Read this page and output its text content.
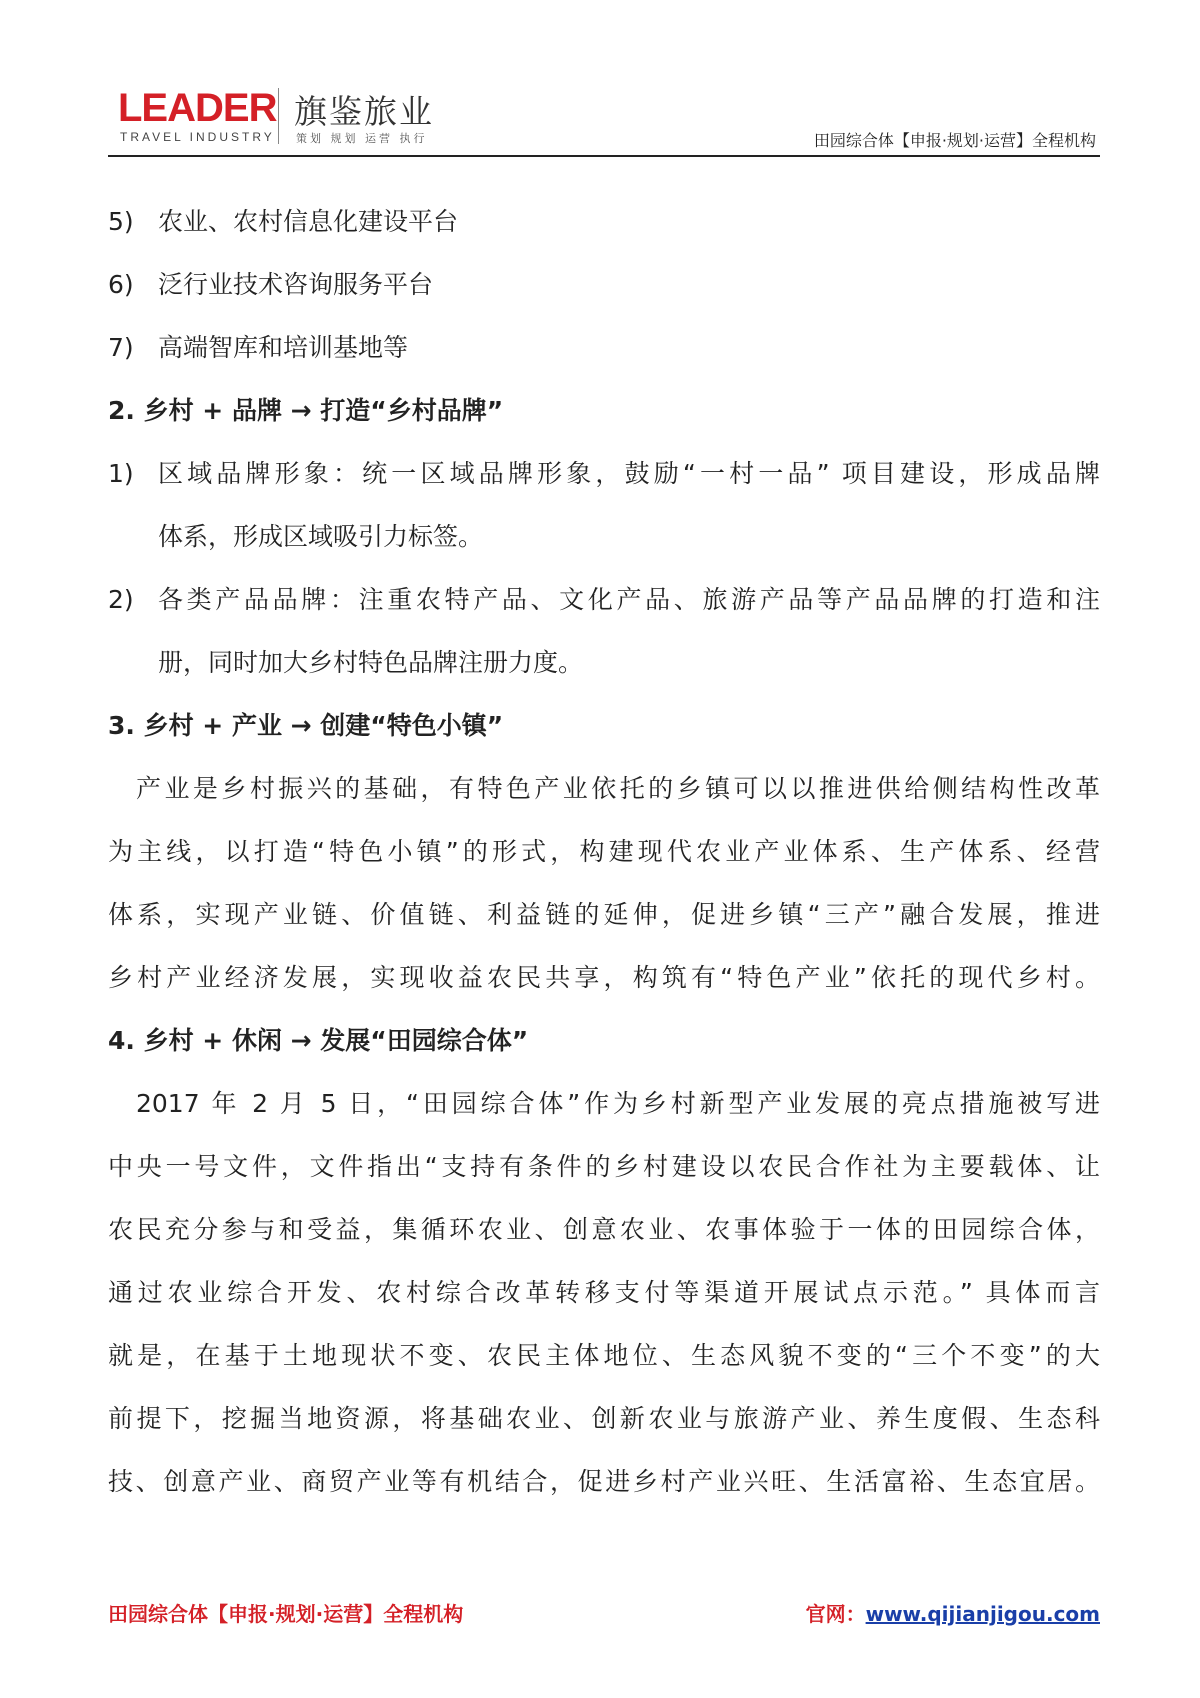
LEADER
TRAVEL INDUSTRY
旗鉴旅业
策划 规划 运营 执行	田园综合体【申报·规划·运营】全程机构
5) 农业、农村信息化建设平台
6) 泛行业技术咨询服务平台
7) 高端智库和培训基地等
2. 乡村 + 品牌 → 打造“乡村品牌”
1) 区域品牌形象：统一区域品牌形象，鼓励“一村一品” 项目建设，形成品牌
体系，形成区域吸引力标签。
2) 各类产品品牌：注重农特产品、文化产品、旅游产品等产品品牌的打造和注
册，同时加大乡村特色品牌注册力度。
3. 乡村 + 产业 → 创建“特色小镇”
产业是乡村振兴的基础，有特色产业依托的乡镇可以以推进供给侧结构性改革
为主线，以打造“特色小镇”的形式，构建现代农业产业体系、生产体系、经营
体系，实现产业链、价值链、利益链的延伸，促进乡镇“三产”融合发展，推进
乡村产业经济发展，实现收益农民共享，构筑有“特色产业”依托的现代乡村。
4. 乡村 + 休闲 → 发展“田园综合体”
2017 年 2 月 5 日，“田园综合体”作为乡村新型产业发展的亮点措施被写进
中央一号文件，文件指出“支持有条件的乡村建设以农民合作社为主要载体、让
农民充分参与和受益，集循环农业、创意农业、农事体验于一体的田园综合体，
通过农业综合开发、农村综合改革转移支付等渠道开展试点示范。” 具体而言
就是，在基于土地现状不变、农民主体地位、生态风貌不变的“三个不变”的大
前提下，挖掘当地资源，将基础农业、创新农业与旅游产业、养生度假、生态科
技、创意产业、商贸产业等有机结合，促进乡村产业兴旺、生活富裕、生态宜居。
田园综合体【申报·规划·运营】全程机构	官网：www.qijianjigou.com
